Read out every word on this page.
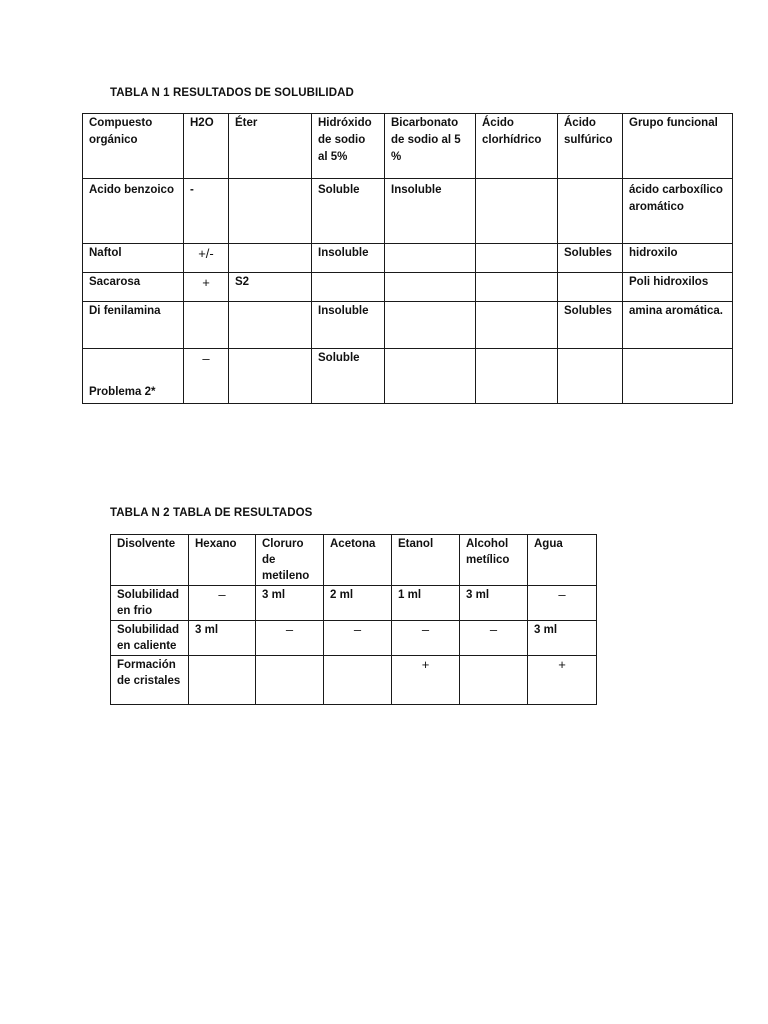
TABLA N 1 RESULTADOS DE SOLUBILIDAD
Compuesto orgánico	H2O	Éter	Hidróxido de sodio al 5%	Bicarbonato de sodio al 5 %	Ácido clorhídrico	Ácido sulfúrico	Grupo funcional
Acido benzoico	-		Soluble	Insoluble			ácido carboxílico aromático
Naftol	+/-		Insoluble			Solubles	hidroxilo
Sacarosa	+	S2					Poli hidroxilos
Di fenilamina			Insoluble			Solubles	amina aromática.
Problema 2*	–		Soluble				
TABLA N 2 TABLA DE RESULTADOS
Disolvente	Hexano	Cloruro de metileno	Acetona	Etanol	Alcohol metílico	Agua
Solubilidad en frio	–	3 ml	2 ml	1 ml	3 ml	–
Solubilidad en caliente	3 ml	–	–	–	–	3 ml
Formación de cristales				+		+
